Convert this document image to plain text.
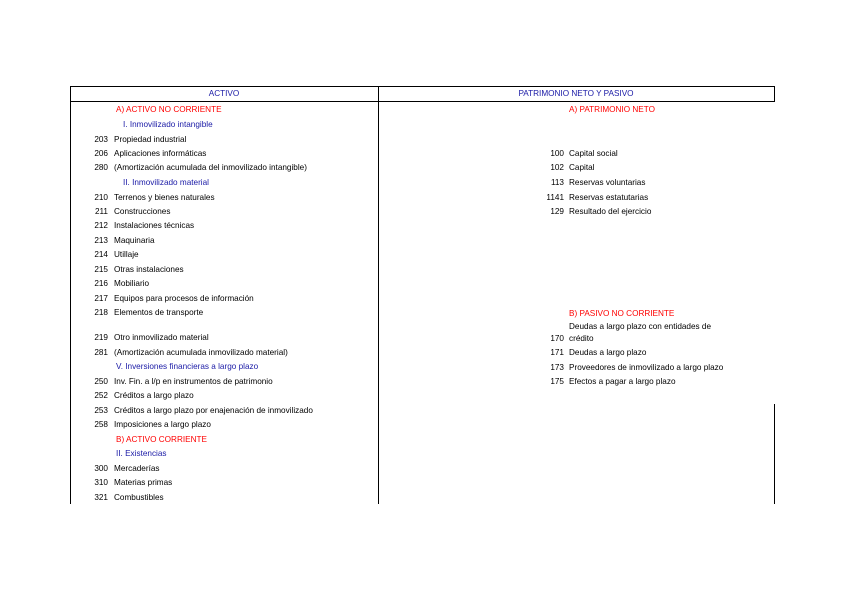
ACTIVO	PATRIMONIO NETO Y PASIVO
A) ACTIVO NO CORRIENTE
I. Inmovilizado intangible
203 Propiedad industrial
206 Aplicaciones informáticas
280 (Amortización acumulada del inmovilizado intangible)
II. Inmovilizado material
210 Terrenos y bienes naturales
211 Construcciones
212 Instalaciones técnicas
213 Maquinaria
214 Utillaje
215 Otras instalaciones
216 Mobiliario
217 Equipos para procesos de información
218 Elementos de transporte
219 Otro inmovilizado material
281 (Amortización acumulada inmovilizado material)
V. Inversiones financieras a largo plazo
250 Inv. Fin. a l/p en instrumentos de patrimonio
252 Créditos a largo plazo
253 Créditos a largo plazo por enajenación de inmovilizado
258 Imposiciones a largo plazo
B) ACTIVO CORRIENTE
II. Existencias
300 Mercaderías
310 Materias primas
321 Combustibles
A) PATRIMONIO NETO
100 Capital social
102 Capital
113 Reservas voluntarias
1141 Reservas estatutarias
129 Resultado del ejercicio
B) PASIVO NO CORRIENTE
Deudas a largo plazo con entidades de
170 crédito
171 Deudas a largo plazo
173 Proveedores de inmovilizado a largo plazo
175 Efectos a pagar a largo plazo
